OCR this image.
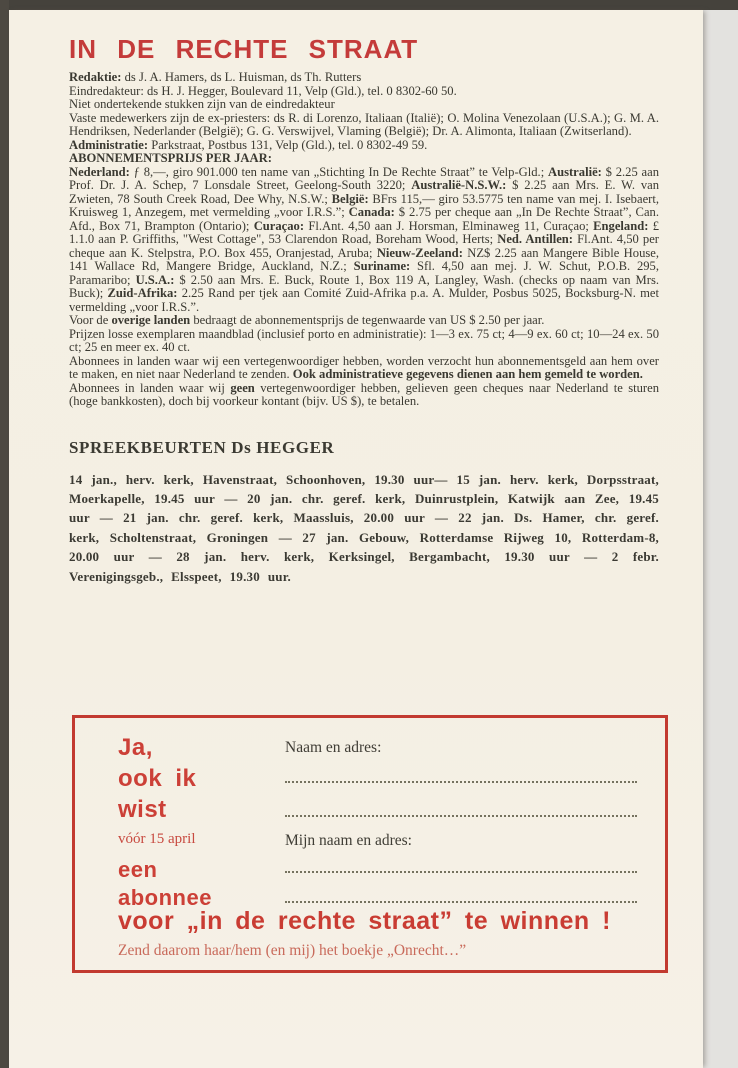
IN DE RECHTE STRAAT

Redaktie: ds J. A. Hamers, ds L. Huisman, ds Th. Rutters

Eindredakteur: ds H. J. Hegger, Boulevard 11, Velp (Gld.), tel. 0 8302-60 50.

Niet ondertekende stukken zijn van de eindredakteur

Vaste medewerkers zijn de ex-priesters: ds R. di Lorenzo, Italiaan (Italië); O. Molina Venezolaan (U.S.A.); G. M. A. Hendriksen, Nederlander (België); G. G. Verswijvel, Vlaming (België); Dr. A. Alimonta, Italiaan (Zwitserland).

Administratie: Parkstraat, Postbus 131, Velp (Gld.), tel. 0 8302-49 59.

ABONNEMENTSPRIJS PER JAAR:

Nederland: ƒ 8,—, giro 901.000 ten name van „Stichting In De Rechte Straat” te Velp-Gld.; Australië: $ 2.25 aan Prof. Dr. J. A. Schep, 7 Lonsdale Street, Geelong-South 3220; Australië-N.S.W.: $ 2.25 aan Mrs. E. W. van Zwieten, 78 South Creek Road, Dee Why, N.S.W.; België: BFrs 115,— giro 53.5775 ten name van mej. I. Isebaert, Kruisweg 1, Anzegem, met vermelding „voor I.R.S.”; Canada: $ 2.75 per cheque aan „In De Rechte Straat”, Can. Afd., Box 71, Brampton (Ontario); Curaçao: Fl.Ant. 4,50 aan J. Horsman, Elminaweg 11, Curaçao; Engeland: £ 1.1.0 aan P. Griffiths, "West Cottage", 53 Clarendon Road, Boreham Wood, Herts; Ned. Antillen: Fl.Ant. 4,50 per cheque aan K. Stelpstra, P.O. Box 455, Oranjestad, Aruba; Nieuw-Zeeland: NZ$ 2.25 aan Mangere Bible House, 141 Wallace Rd, Mangere Bridge, Auckland, N.Z.; Suriname: Sfl. 4,50 aan mej. J. W. Schut, P.O.B. 295, Paramaribo; U.S.A.: $ 2.50 aan Mrs. E. Buck, Route 1, Box 119 A, Langley, Wash. (checks op naam van Mrs. Buck); Zuid-Afrika: 2.25 Rand per tjek aan Comité Zuid-Afrika p.a. A. Mulder, Posbus 5025, Bocksburg-N. met vermelding „voor I.R.S.”.

Voor de overige landen bedraagt de abonnementsprijs de tegenwaarde van US $ 2.50 per jaar.

Prijzen losse exemplaren maandblad (inclusief porto en administratie): 1—3 ex. 75 ct; 4—9 ex. 60 ct; 10—24 ex. 50 ct; 25 en meer ex. 40 ct.

Abonnees in landen waar wij een vertegenwoordiger hebben, worden verzocht hun abonnementsgeld aan hem over te maken, en niet naar Nederland te zenden. Ook administratieve gegevens dienen aan hem gemeld te worden.

Abonnees in landen waar wij geen vertegenwoordiger hebben, gelieven geen cheques naar Nederland te sturen (hoge bankkosten), doch bij voorkeur kontant (bijv. US $), te betalen.

SPREEKBEURTEN Ds HEGGER

14 jan., herv. kerk, Havenstraat, Schoonhoven, 19.30 uur— 15 jan. herv. kerk, Dorpsstraat, Moerkapelle, 19.45 uur — 20 jan. chr. geref. kerk, Duinrustplein, Katwijk aan Zee, 19.45 uur — 21 jan. chr. geref. kerk, Maassluis, 20.00 uur — 22 jan. Ds. Hamer, chr. geref. kerk, Scholtenstraat, Groningen — 27 jan. Gebouw, Rotterdamse Rijweg 10, Rotterdam-8, 20.00 uur — 28 jan. herv. kerk, Kerksingel, Bergambacht, 19.30 uur — 2 febr. Verenigingsgeb., Elsspeet, 19.30 uur.

Ja,
ook ik
wist
Naam en adres:
vóór 15 april	Mijn naam en adres:
een
abonnee
voor „in de rechte straat” te winnen !
Zend daarom haar/hem (en mij) het boekje „Onrecht…”
